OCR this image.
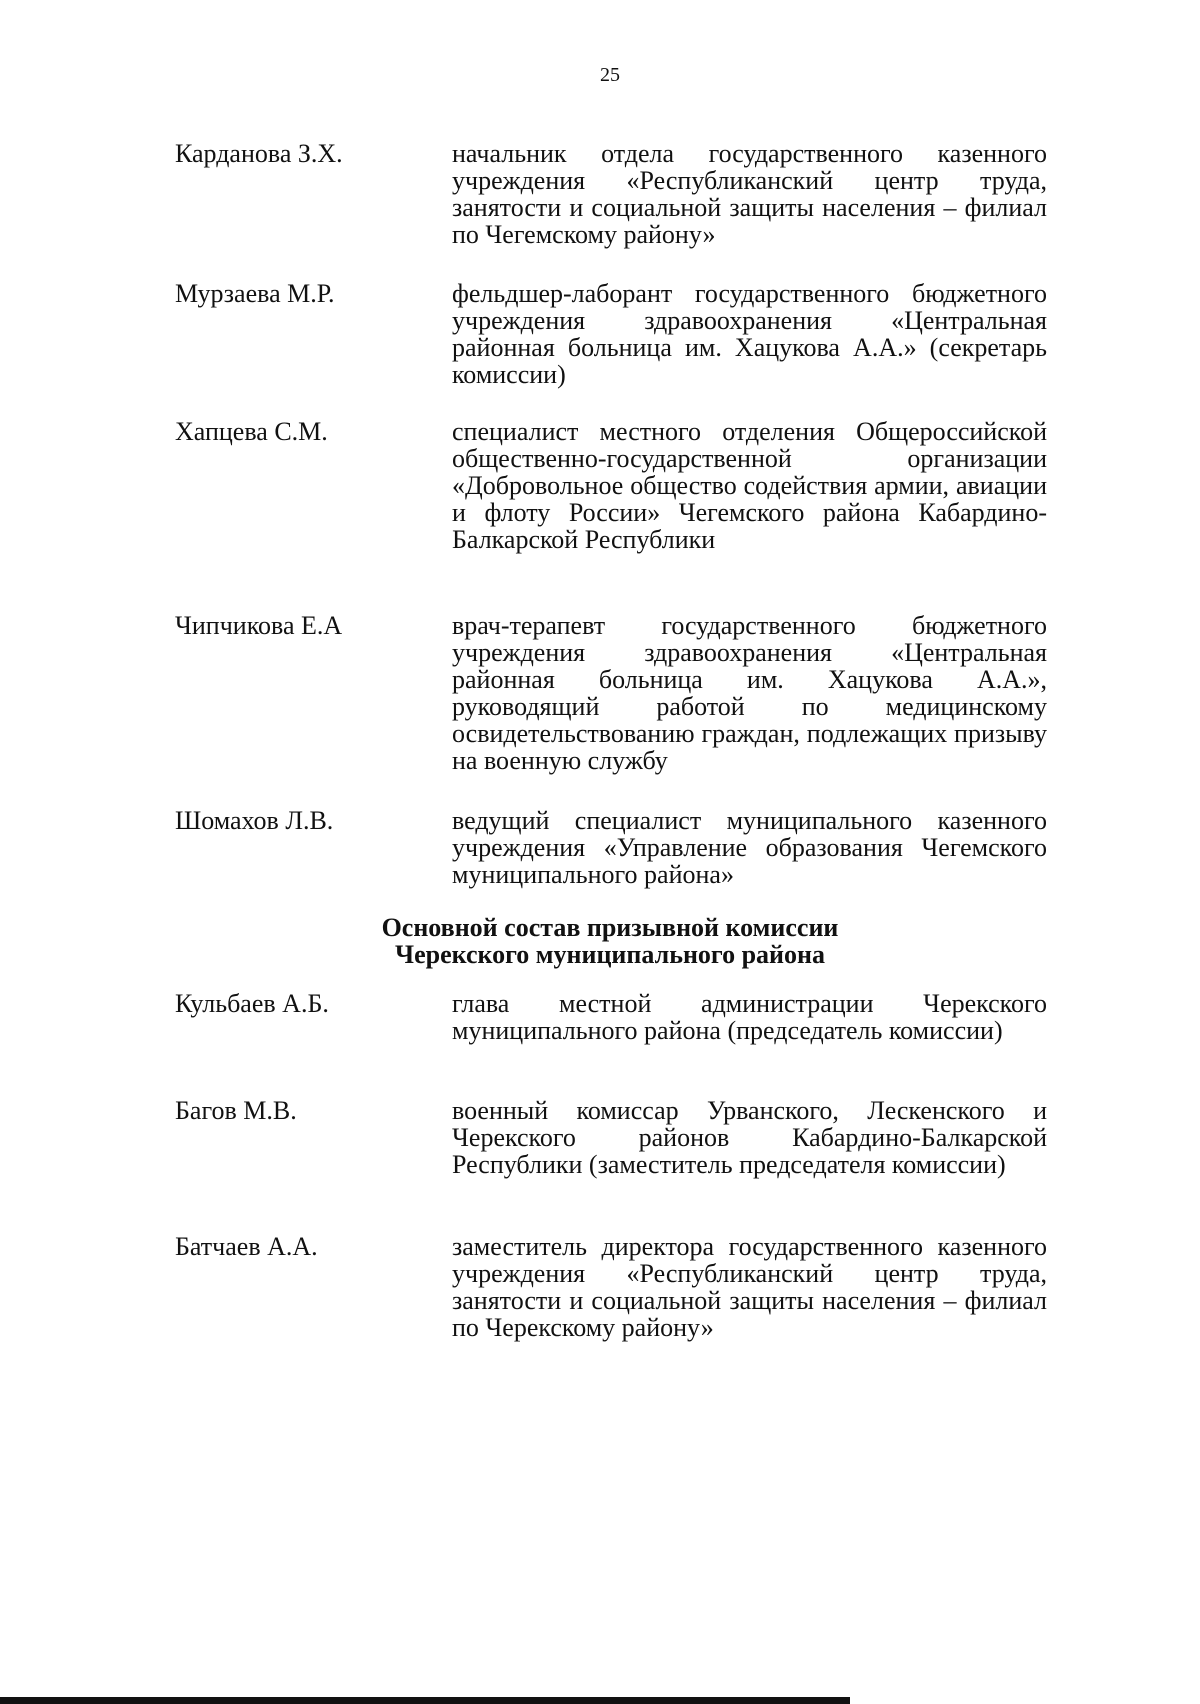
25
Карданова З.Х.	начальник отдела государственного казенного учреждения «Республиканский центр труда, занятости и социальной защиты населения – филиал по Чегемскому району»
Мурзаева М.Р.	фельдшер-лаборант государственного бюджетного учреждения здравоохранения «Центральная районная больница им. Хацукова А.А.» (секретарь комиссии)
Хапцева С.М.	специалист местного отделения Общероссийской общественно-государственной организации «Добровольное общество содействия армии, авиации и флоту России» Чегемского района Кабардино-Балкарской Республики
Чипчикова Е.А	врач-терапевт государственного бюджетного учреждения здравоохранения «Центральная районная больница им. Хацукова А.А.», руководящий работой по медицинскому освидетельствованию граждан, подлежащих призыву на военную службу
Шомахов Л.В.	ведущий специалист муниципального казенного учреждения «Управление образования Чегемского муниципального района»
Основной состав призывной комиссии
Черекского муниципального района
Кульбаев А.Б.	глава местной администрации Черекского муниципального района (председатель комиссии)
Багов М.В.	военный комиссар Урванского, Лескенского и Черекского районов Кабардино-Балкарской Республики (заместитель председателя комиссии)
Батчаев А.А.	заместитель директора государственного казенного учреждения «Республиканский центр труда, занятости и социальной защиты населения – филиал по Черекскому району»
